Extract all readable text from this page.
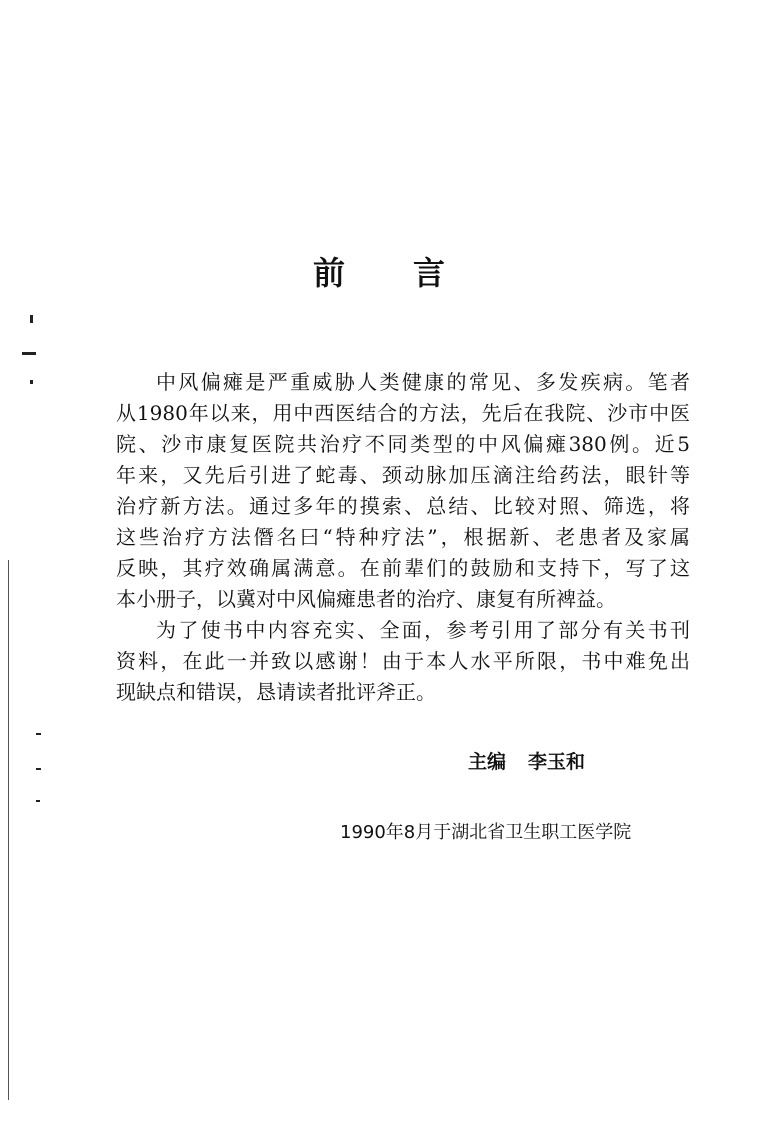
前 言
中风偏瘫是严重威胁人类健康的常见、多发疾病。笔者
从1980年以来，用中西医结合的方法，先后在我院、沙市中医
院、沙市康复医院共治疗不同类型的中风偏瘫380例。近5
年来，又先后引进了蛇毒、颈动脉加压滴注给药法，眼针等
治疗新方法。通过多年的摸索、总结、比较对照、筛选，将
这些治疗方法僭名曰“特种疗法”，根据新、老患者及家属
反映，其疗效确属满意。在前辈们的鼓励和支持下，写了这
本小册子，以冀对中风偏瘫患者的治疗、康复有所裨益。
为了使书中内容充实、全面，参考引用了部分有关书刊
资料，在此一并致以感谢！由于本人水平所限，书中难免出
现缺点和错误，恳请读者批评斧正。
主编 李玉和
1990年8月于湖北省卫生职工医学院
